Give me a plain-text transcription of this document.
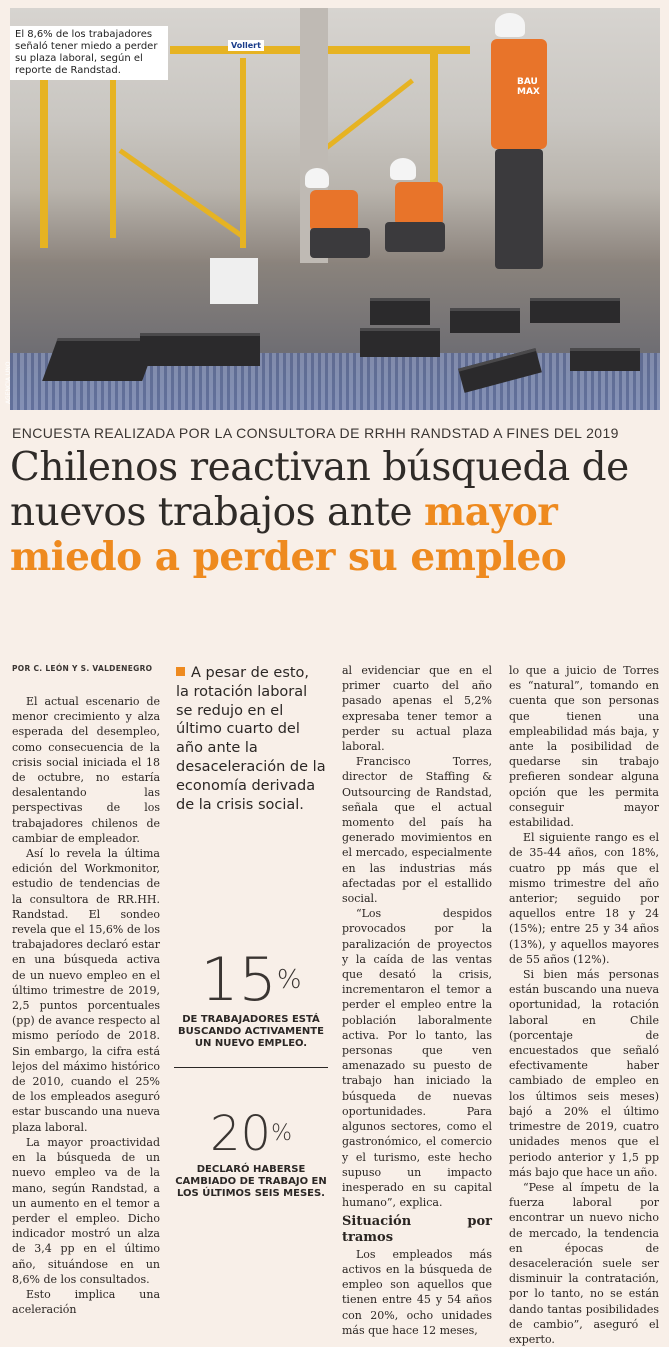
Vollert
BAU MAX
El 8,6% de los trabajadores señaló tener miedo a perder su plaza laboral, según el reporte de Randstad.
AGENCIA UNO
ENCUESTA REALIZADA POR LA CONSULTORA DE RRHH RANDSTAD A FINES DEL 2019
Chilenos reactivan búsqueda de nuevos trabajos ante mayor miedo a perder su empleo
POR C. LEÓN Y S. VALDENEGRO

El actual escenario de menor crecimiento y alza esperada del desempleo, como consecuencia de la crisis social iniciada el 18 de octubre, no estaría desalentando las perspectivas de los trabajadores chilenos de cambiar de empleador.

Así lo revela la última edición del Workmonitor, estudio de tendencias de la consultora de RR.HH. Randstad. El sondeo revela que el 15,6% de los trabajadores declaró estar en una búsqueda activa de un nuevo empleo en el último trimestre de 2019, 2,5 puntos porcentuales (pp) de avance respecto al mismo período de 2018. Sin embargo, la cifra está lejos del máximo histórico de 2010, cuando el 25% de los empleados aseguró estar buscando una nueva plaza laboral.

La mayor proactividad en la búsqueda de un nuevo empleo va de la mano, según Randstad, a un aumento en el temor a perder el empleo. Dicho indicador mostró un alza de 3,4 pp en el último año, situándose en un 8,6% de los consultados.

Esto implica una aceleración

A pesar de esto, la rotación laboral se redujo en el último cuarto del año ante la desaceleración de la economía derivada de la crisis social.
15%
DE TRABAJADORES ESTÁ BUSCANDO ACTIVAMENTE UN NUEVO EMPLEO.
20%
DECLARÓ HABERSE CAMBIADO DE TRABAJO EN LOS ÚLTIMOS SEIS MESES.

al evidenciar que en el primer cuarto del año pasado apenas el 5,2% expresaba tener temor a perder su actual plaza laboral.

Francisco Torres, director de Staffing & Outsourcing de Randstad, señala que el actual momento del país ha generado movimientos en el mercado, especialmente en las industrias más afectadas por el estallido social.

“Los despidos provocados por la paralización de proyectos y la caída de las ventas que desató la crisis, incrementaron el temor a perder el empleo entre la población laboralmente activa. Por lo tanto, las personas que ven amenazado su puesto de trabajo han iniciado la búsqueda de nuevas oportunidades. Para algunos sectores, como el gastronómico, el comercio y el turismo, este hecho supuso un impacto inesperado en su capital humano”, explica.

Situación por tramos

Los empleados más activos en la búsqueda de empleo son aquellos que tienen entre 45 y 54 años con 20%, ocho unidades más que hace 12 meses,

lo que a juicio de Torres es “natural”, tomando en cuenta que son personas que tienen una empleabilidad más baja, y ante la posibilidad de quedarse sin trabajo prefieren sondear alguna opción que les permita conseguir mayor estabilidad.

El siguiente rango es el de 35-44 años, con 18%, cuatro pp más que el mismo trimestre del año anterior; seguido por aquellos entre 18 y 24 (15%); entre 25 y 34 años (13%), y aquellos mayores de 55 años (12%).

Si bien más personas están buscando una nueva oportunidad, la rotación laboral en Chile (porcentaje de encuestados que señaló efectivamente haber cambiado de empleo en los últimos seis meses) bajó a 20% el último trimestre de 2019, cuatro unidades menos que el periodo anterior y 1,5 pp más bajo que hace un año.

“Pese al ímpetu de la fuerza laboral por encontrar un nuevo nicho de mercado, la tendencia en épocas de desaceleración suele ser disminuir la contratación, por lo tanto, no se están dando tantas posibilidades de cambio”, aseguró el experto.
